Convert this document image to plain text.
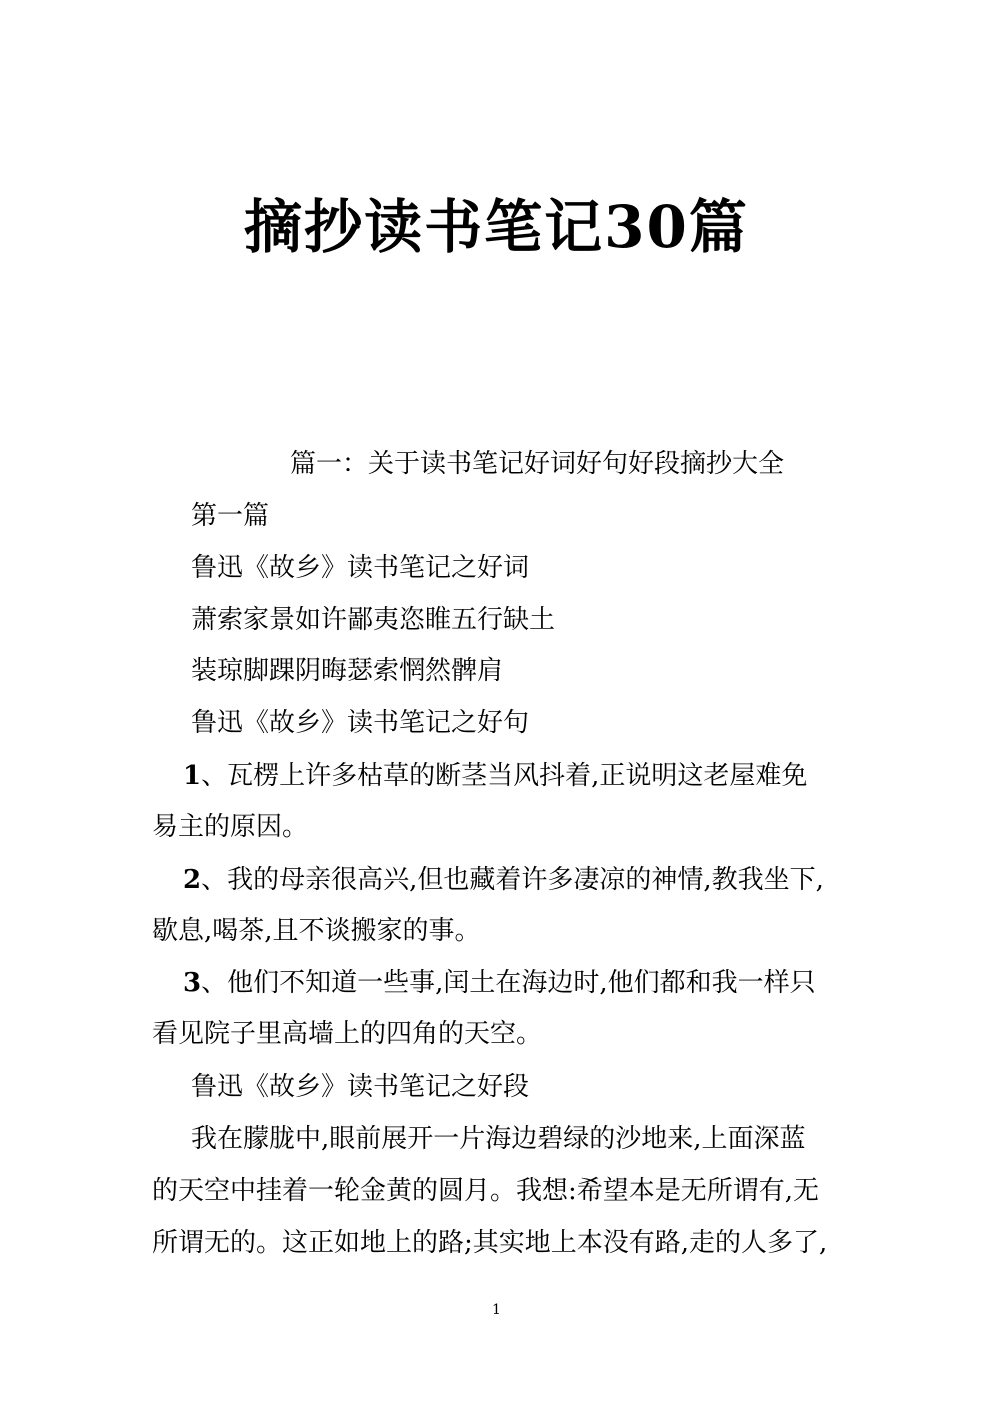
摘抄读书笔记30篇
篇一：关于读书笔记好词好句好段摘抄大全
第一篇
鲁迅《故乡》读书笔记之好词
萧索家景如许鄙夷恣睢五行缺土
装琼脚踝阴晦瑟索惘然髀肩
鲁迅《故乡》读书笔记之好句
1、瓦楞上许多枯草的断茎当风抖着,正说明这老屋难免
易主的原因。
2、我的母亲很高兴,但也藏着许多凄凉的神情,教我坐下,
歇息,喝茶,且不谈搬家的事。
3、他们不知道一些事,闰土在海边时,他们都和我一样只
看见院子里高墙上的四角的天空。
鲁迅《故乡》读书笔记之好段
我在朦胧中,眼前展开一片海边碧绿的沙地来,上面深蓝
的天空中挂着一轮金黄的圆月。我想:希望本是无所谓有,无
所谓无的。这正如地上的路;其实地上本没有路,走的人多了,
1
